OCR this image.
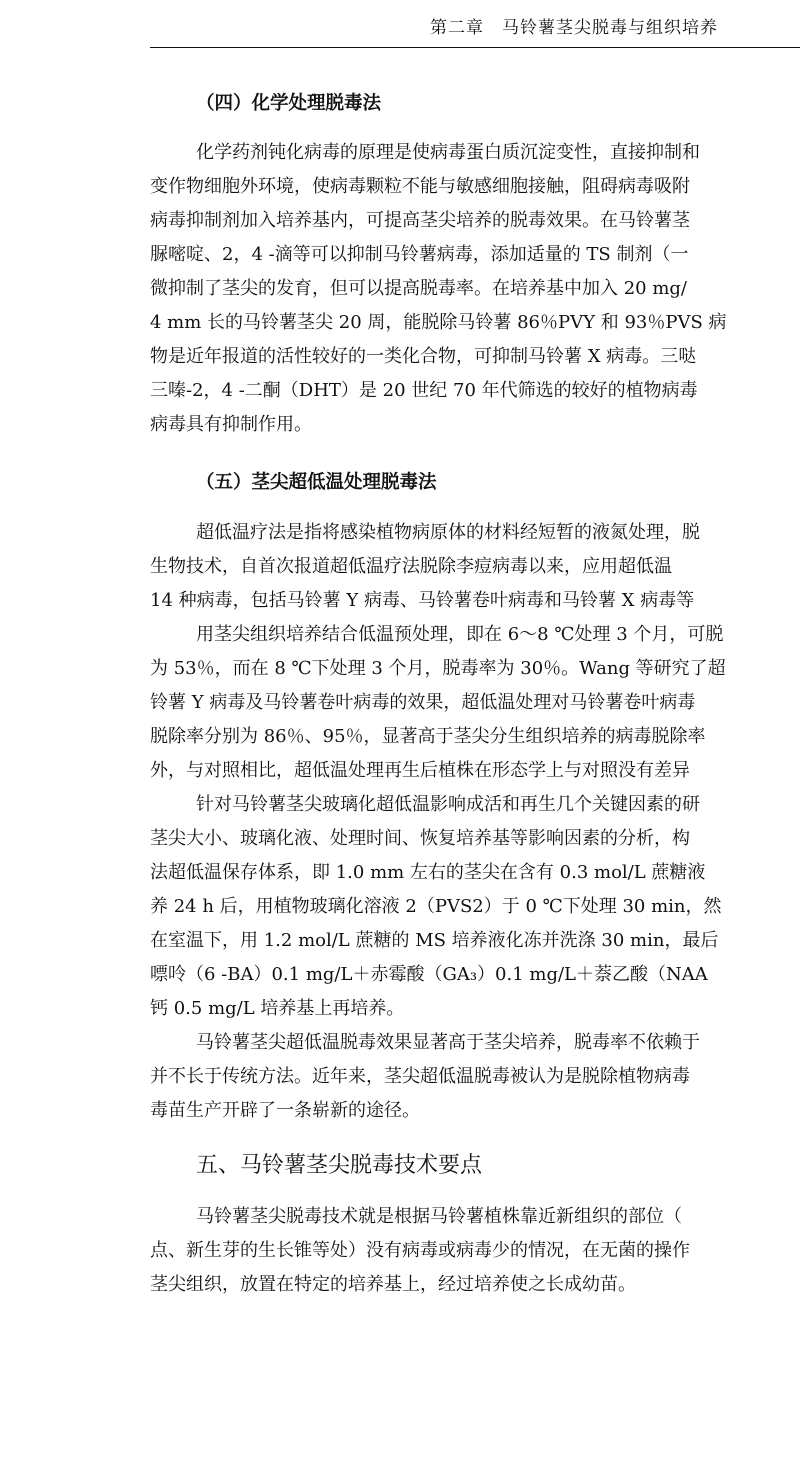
第二章　马铃薯茎尖脱毒与组织培养
（四）化学处理脱毒法
化学药剂钝化病毒的原理是使病毒蛋白质沉淀变性，直接抑制和
变作物细胞外环境，使病毒颗粒不能与敏感细胞接触，阻碍病毒吸附
病毒抑制剂加入培养基内，可提高茎尖培养的脱毒效果。在马铃薯茎
脲嘧啶、2，4 -滴等可以抑制马铃薯病毒，添加适量的 TS 制剂（一
微抑制了茎尖的发育，但可以提高脱毒率。在培养基中加入 20 mg/
4 mm 长的马铃薯茎尖 20 周，能脱除马铃薯 86％PVY 和 93％PVS 病
物是近年报道的活性较好的一类化合物，可抑制马铃薯 X 病毒。三哒
三嗪-2，4 -二酮（DHT）是 20 世纪 70 年代筛选的较好的植物病毒
病毒具有抑制作用。
（五）茎尖超低温处理脱毒法
超低温疗法是指将感染植物病原体的材料经短暂的液氮处理，脱
生物技术，自首次报道超低温疗法脱除李痘病毒以来，应用超低温
14 种病毒，包括马铃薯 Y 病毒、马铃薯卷叶病毒和马铃薯 X 病毒等
用茎尖组织培养结合低温预处理，即在 6～8 ℃处理 3 个月，可脱
为 53％，而在 8 ℃下处理 3 个月，脱毒率为 30％。Wang 等研究了超
铃薯 Y 病毒及马铃薯卷叶病毒的效果，超低温处理对马铃薯卷叶病毒
脱除率分别为 86％、95％，显著高于茎尖分生组织培养的病毒脱除率
外，与对照相比，超低温处理再生后植株在形态学上与对照没有差异
针对马铃薯茎尖玻璃化超低温影响成活和再生几个关键因素的研
茎尖大小、玻璃化液、处理时间、恢复培养基等影响因素的分析，构
法超低温保存体系，即 1.0 mm 左右的茎尖在含有 0.3 mol/L 蔗糖液
养 24 h 后，用植物玻璃化溶液 2（PVS2）于 0 ℃下处理 30 min，然
在室温下，用 1.2 mol/L 蔗糖的 MS 培养液化冻并洗涤 30 min，最后
嘌呤（6 -BA）0.1 mg/L＋赤霉酸（GA₃）0.1 mg/L＋萘乙酸（NAA
钙 0.5 mg/L 培养基上再培养。
马铃薯茎尖超低温脱毒效果显著高于茎尖培养，脱毒率不依赖于
并不长于传统方法。近年来，茎尖超低温脱毒被认为是脱除植物病毒
毒苗生产开辟了一条崭新的途径。
五、马铃薯茎尖脱毒技术要点
马铃薯茎尖脱毒技术就是根据马铃薯植株靠近新组织的部位（
点、新生芽的生长锥等处）没有病毒或病毒少的情况，在无菌的操作
茎尖组织，放置在特定的培养基上，经过培养使之长成幼苗。
